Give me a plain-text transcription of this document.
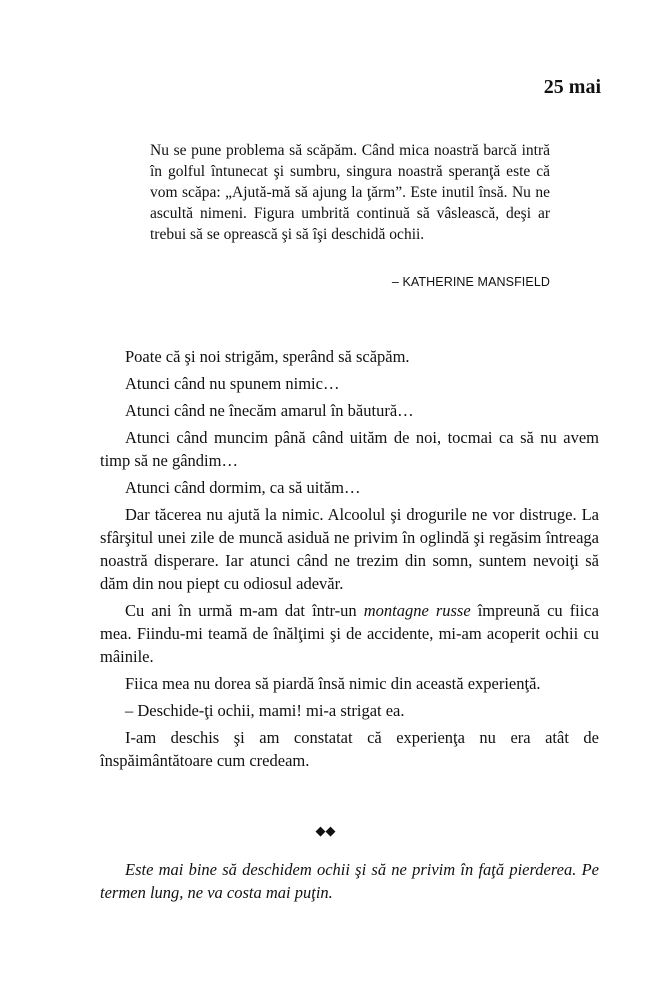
25 mai
Nu se pune problema să scăpăm. Când mica noastră barcă intră în golful întunecat şi sumbru, singura noastră speranţă este că vom scăpa: „Ajută-mă să ajung la ţărm”. Este inutil însă. Nu ne ascultă nimeni. Figura umbrită continuă să vâslească, deşi ar trebui să se oprească şi să îşi deschidă ochii.
– KATHERINE MANSFIELD

Poate că şi noi strigăm, sperând să scăpăm.

Atunci când nu spunem nimic…

Atunci când ne înecăm amarul în băutură…

Atunci când muncim până când uităm de noi, tocmai ca să nu avem timp să ne gândim…

Atunci când dormim, ca să uităm…

Dar tăcerea nu ajută la nimic. Alcoolul şi drogurile ne vor distruge. La sfârşitul unei zile de muncă asiduă ne privim în oglindă şi regăsim întreaga noastră disperare. Iar atunci când ne trezim din somn, suntem nevoiţi să dăm din nou piept cu odiosul adevăr.

Cu ani în urmă m-am dat într-un montagne russe împreună cu fiica mea. Fiindu-mi teamă de înălţimi şi de accidente, mi-am acoperit ochii cu mâinile.

Fiica mea nu dorea să piardă însă nimic din această experienţă.

– Deschide-ţi ochii, mami! mi-a strigat ea.

I-am deschis şi am constatat că experienţa nu era atât de înspăimântătoare cum credeam.

◆◆

Este mai bine să deschidem ochii şi să ne privim în faţă pierderea. Pe termen lung, ne va costa mai puţin.
